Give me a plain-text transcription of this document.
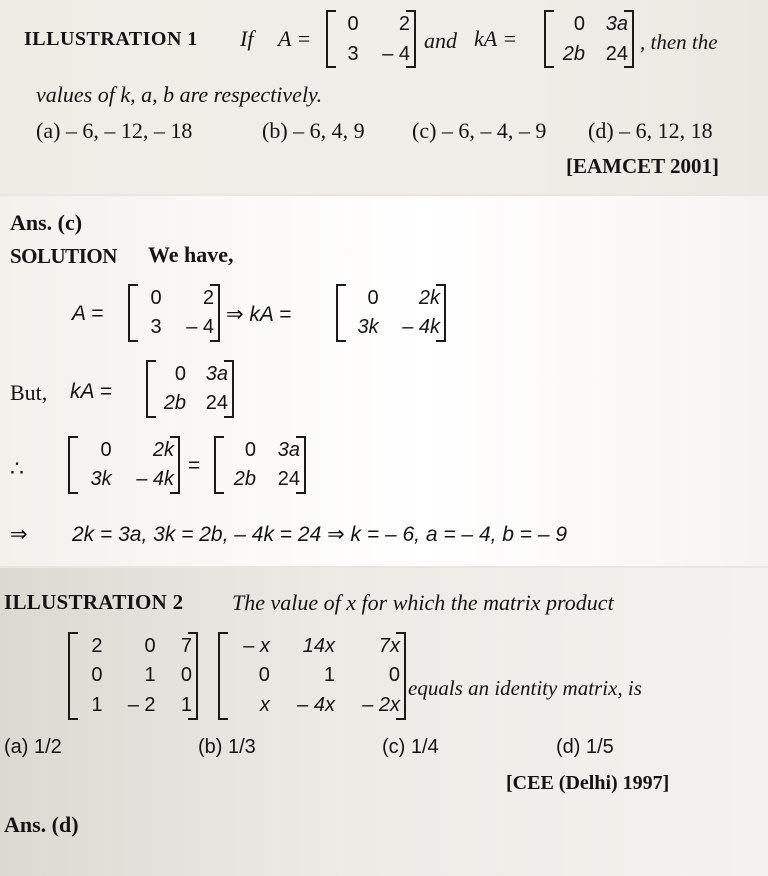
ILLUSTRATION 1 If A =
0	2
3	– 4
and kA =
0	3a
2b	24 , then the
values of k, a, b are respectively.
(a) – 6, – 12, – 18	(b) – 6, 4, 9 (c) – 6, – 4, – 9 (d) – 6, 12, 18
[EAMCET 2001]
Ans. (c)
SOLUTION We have,
A =
0	2
3	– 4
⇒ kA =
0	2k
3k	– 4k
But, kA =
0 3a
2b 24
∴
0	2k
3k	– 4k
=
0	3a
2b	24
⇒ 2k = 3a, 3k = 2b, – 4k = 24 ⇒ k = – 6, a = – 4, b = – 9
ILLUSTRATION 2 The value of x for which the matrix product
2	0	7
0	1	0
1	– 2	1
– x	14x	7x
0	1	0
x	– 4x	– 2x
equals an identity matrix, is
(a) 1/2	(b) 1/3	(c) 1/4	(d) 1/5
[CEE (Delhi) 1997]
Ans. (d)
